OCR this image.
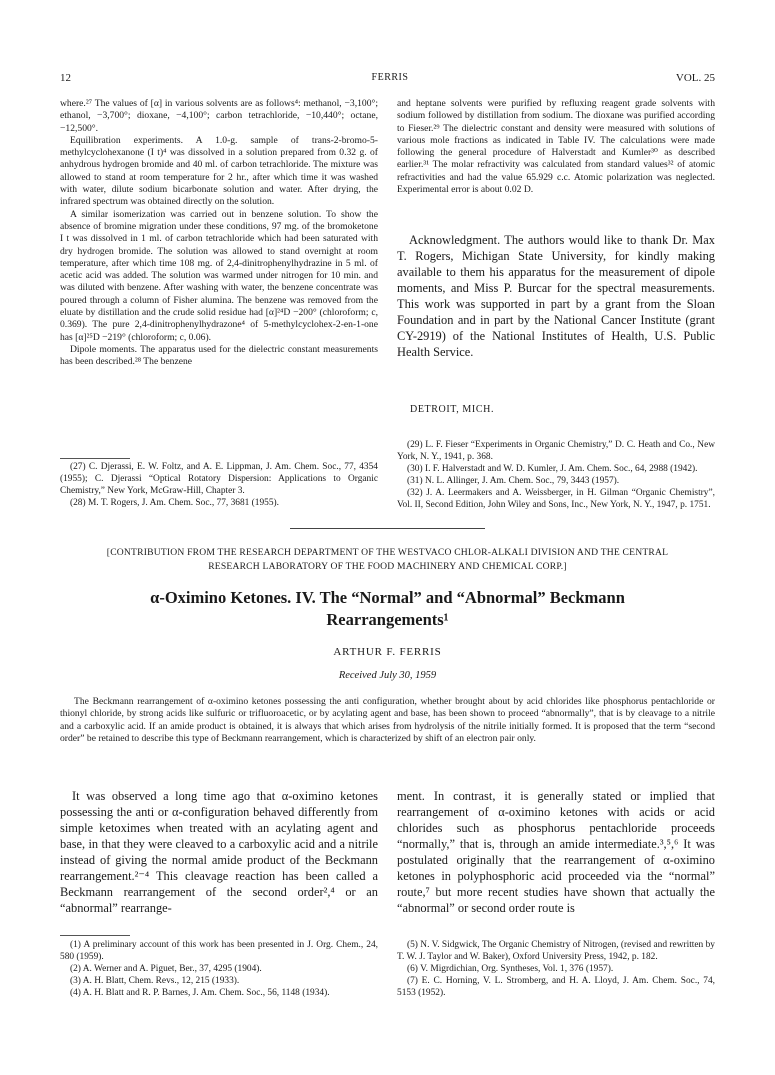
12	FERRIS	VOL. 25

where.²⁷ The values of [α] in various solvents are as follows⁴: methanol, −3,100°; ethanol, −3,700°; dioxane, −4,100°; carbon tetrachloride, −10,440°; octane, −12,500°.

Equilibration experiments. A 1.0-g. sample of trans-2-bromo-5-methylcyclohexanone (I t)⁴ was dissolved in a solution prepared from 0.32 g. of anhydrous hydrogen bromide and 40 ml. of carbon tetrachloride. The mixture was allowed to stand at room temperature for 2 hr., after which time it was washed with water, dilute sodium bicarbonate solution and water. After drying, the infrared spectrum was obtained directly on the solution.

A similar isomerization was carried out in benzene solution. To show the absence of bromine migration under these conditions, 97 mg. of the bromoketone I t was dissolved in 1 ml. of carbon tetrachloride which had been saturated with dry hydrogen bromide. The solution was allowed to stand overnight at room temperature, after which time 108 mg. of 2,4-dinitrophenylhydrazine in 5 ml. of acetic acid was added. The solution was warmed under nitrogen for 10 min. and was diluted with benzene. After washing with water, the benzene concentrate was poured through a column of Fisher alumina. The benzene was removed from the eluate by distillation and the crude solid residue had [α]²⁴D −200° (chloroform; c, 0.369). The pure 2,4-dinitrophenylhydrazone⁴ of 5-methylcyclohex-2-en-1-one has [α]²⁵D −219° (chloroform; c, 0.06).

Dipole moments. The apparatus used for the dielectric constant measurements has been described.²⁸ The benzene

(27) C. Djerassi, E. W. Foltz, and A. E. Lippman, J. Am. Chem. Soc., 77, 4354 (1955); C. Djerassi “Optical Rotatory Dispersion: Applications to Organic Chemistry,” New York, McGraw-Hill, Chapter 3.

(28) M. T. Rogers, J. Am. Chem. Soc., 77, 3681 (1955).

and heptane solvents were purified by refluxing reagent grade solvents with sodium followed by distillation from sodium. The dioxane was purified according to Fieser.²⁹ The dielectric constant and density were measured with solutions of various mole fractions as indicated in Table IV. The calculations were made following the general procedure of Halverstadt and Kumler³⁰ as described earlier.³¹ The molar refractivity was calculated from standard values³² of atomic refractivities and had the value 65.929 c.c. Atomic polarization was neglected. Experimental error is about 0.02 D.

Acknowledgment. The authors would like to thank Dr. Max T. Rogers, Michigan State University, for kindly making available to them his apparatus for the measurement of dipole moments, and Miss P. Burcar for the spectral measurements. This work was supported in part by a grant from the Sloan Foundation and in part by the National Cancer Institute (grant CY-2919) of the National Institutes of Health, U.S. Public Health Service.

DETROIT, MICH.

(29) L. F. Fieser “Experiments in Organic Chemistry,” D. C. Heath and Co., New York, N. Y., 1941, p. 368.

(30) I. F. Halverstadt and W. D. Kumler, J. Am. Chem. Soc., 64, 2988 (1942).

(31) N. L. Allinger, J. Am. Chem. Soc., 79, 3443 (1957).

(32) J. A. Leermakers and A. Weissberger, in H. Gilman “Organic Chemistry”, Vol. II, Second Edition, John Wiley and Sons, Inc., New York, N. Y., 1947, p. 1751.

[CONTRIBUTION FROM THE RESEARCH DEPARTMENT OF THE WESTVACO CHLOR-ALKALI DIVISION AND THE CENTRAL
RESEARCH LABORATORY OF THE FOOD MACHINERY AND CHEMICAL CORP.]
α-Oximino Ketones. IV. The “Normal” and “Abnormal” Beckmann
Rearrangements¹
ARTHUR F. FERRIS
Received July 30, 1959
The Beckmann rearrangement of α-oximino ketones possessing the anti configuration, whether brought about by acid chlorides like phosphorus pentachloride or thionyl chloride, by strong acids like sulfuric or trifluoroacetic, or by acylating agent and base, has been shown to proceed “abnormally”, that is by cleavage to a nitrile and a carboxylic acid. If an amide product is obtained, it is always that which arises from hydrolysis of the nitrile initially formed. It is proposed that the term “second order” be retained to describe this type of Beckmann rearrangement, which is characterized by shift of an electron pair only.

It was observed a long time ago that α-oximino ketones possessing the anti or α-configuration behaved differently from simple ketoximes when treated with an acylating agent and base, in that they were cleaved to a carboxylic acid and a nitrile instead of giving the normal amide product of the Beckmann rearrangement.²⁻⁴ This cleavage reaction has been called a Beckmann rearrangement of the second order²,⁴ or an “abnormal” rearrange-

(1) A preliminary account of this work has been presented in J. Org. Chem., 24, 580 (1959).

(2) A. Werner and A. Piguet, Ber., 37, 4295 (1904).

(3) A. H. Blatt, Chem. Revs., 12, 215 (1933).

(4) A. H. Blatt and R. P. Barnes, J. Am. Chem. Soc., 56, 1148 (1934).

ment. In contrast, it is generally stated or implied that rearrangement of α-oximino ketones with acids or acid chlorides such as phosphorus pentachloride proceeds “normally,” that is, through an amide intermediate.³,⁵,⁶ It was postulated originally that the rearrangement of α-oximino ketones in polyphosphoric acid proceeded via the “normal” route,⁷ but more recent studies have shown that actually the “abnormal” or second order route is

(5) N. V. Sidgwick, The Organic Chemistry of Nitrogen, (revised and rewritten by T. W. J. Taylor and W. Baker), Oxford University Press, 1942, p. 182.

(6) V. Migrdichian, Org. Syntheses, Vol. 1, 376 (1957).

(7) E. C. Horning, V. L. Stromberg, and H. A. Lloyd, J. Am. Chem. Soc., 74, 5153 (1952).
